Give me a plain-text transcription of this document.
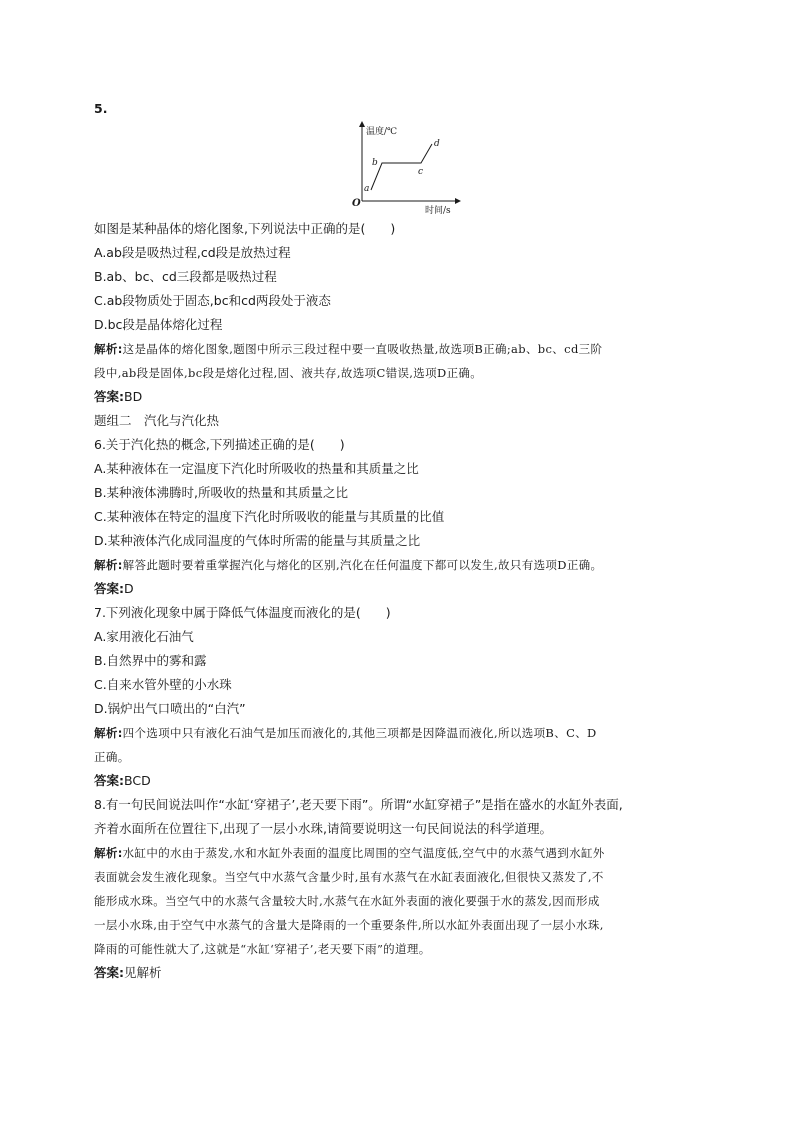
5.
温度/℃
时间/s
O
a
b
c
d
如图是某种晶体的熔化图象,下列说法中正确的是(　　)
A.ab段是吸热过程,cd段是放热过程
B.ab、bc、cd三段都是吸热过程
C.ab段物质处于固态,bc和cd两段处于液态
D.bc段是晶体熔化过程
解析:这是晶体的熔化图象,题图中所示三段过程中要一直吸收热量,故选项B正确;ab、bc、cd三阶
段中,ab段是固体,bc段是熔化过程,固、液共存,故选项C错误,选项D正确。
答案:BD
题组二　汽化与汽化热
6.关于汽化热的概念,下列描述正确的是(　　)
A.某种液体在一定温度下汽化时所吸收的热量和其质量之比
B.某种液体沸腾时,所吸收的热量和其质量之比
C.某种液体在特定的温度下汽化时所吸收的能量与其质量的比值
D.某种液体汽化成同温度的气体时所需的能量与其质量之比
解析:解答此题时要着重掌握汽化与熔化的区别,汽化在任何温度下都可以发生,故只有选项D正确。
答案:D
7.下列液化现象中属于降低气体温度而液化的是(　　)
A.家用液化石油气
B.自然界中的雾和露
C.自来水管外壁的小水珠
D.锅炉出气口喷出的“白汽”
解析:四个选项中只有液化石油气是加压而液化的,其他三项都是因降温而液化,所以选项B、C、D
正确。
答案:BCD
8.有一句民间说法叫作“水缸‘穿裙子’,老天要下雨”。所谓“水缸穿裙子”是指在盛水的水缸外表面,
齐着水面所在位置往下,出现了一层小水珠,请简要说明这一句民间说法的科学道理。
解析:水缸中的水由于蒸发,水和水缸外表面的温度比周围的空气温度低,空气中的水蒸气遇到水缸外
表面就会发生液化现象。当空气中水蒸气含量少时,虽有水蒸气在水缸表面液化,但很快又蒸发了,不
能形成水珠。当空气中的水蒸气含量较大时,水蒸气在水缸外表面的液化要强于水的蒸发,因而形成
一层小水珠,由于空气中水蒸气的含量大是降雨的一个重要条件,所以水缸外表面出现了一层小水珠,
降雨的可能性就大了,这就是“水缸‘穿裙子’,老天要下雨”的道理。
答案:见解析
